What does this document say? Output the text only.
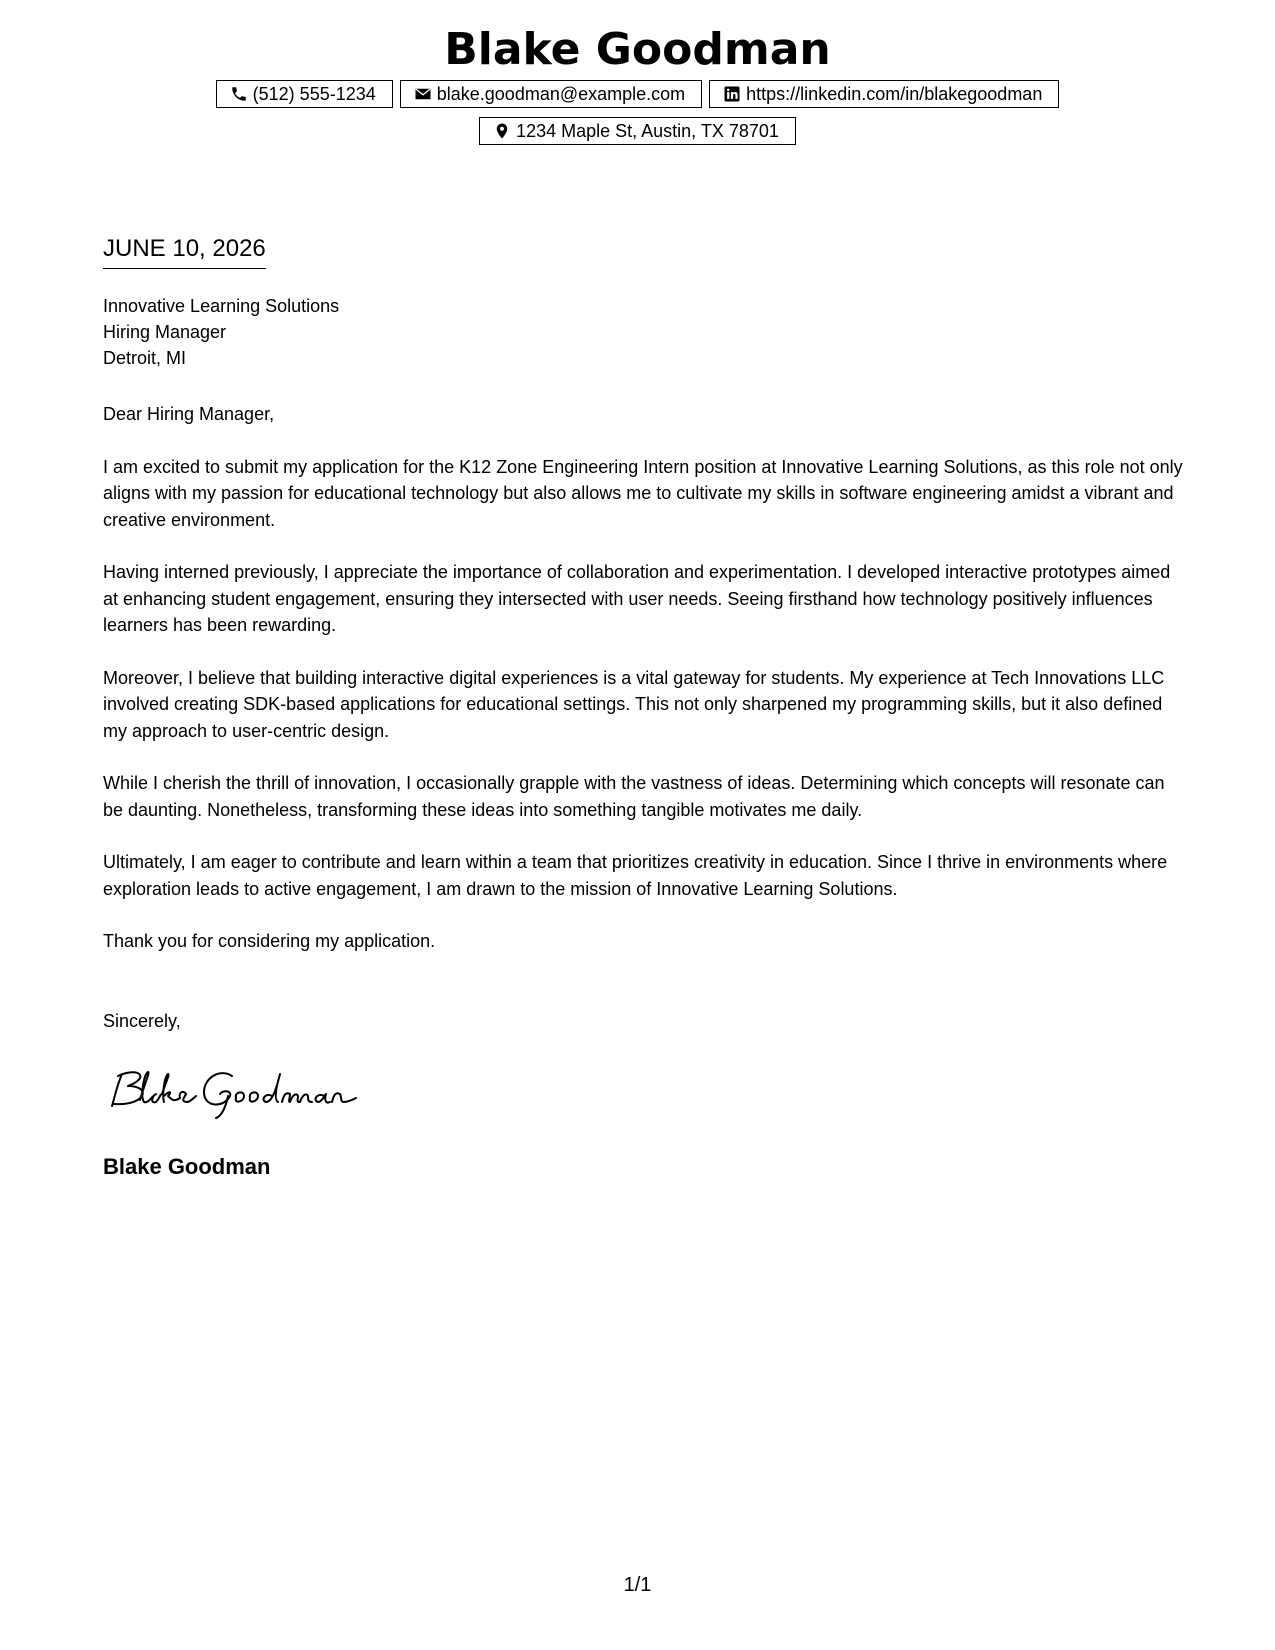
Blake Goodman
(512) 555-1234	blake.goodman@example.com	https://linkedin.com/in/blakegoodman
1234 Maple St, Austin, TX 78701
JUNE 10, 2026
Innovative Learning Solutions
Hiring Manager
Detroit, MI

Dear Hiring Manager,

I am excited to submit my application for the K12 Zone Engineering Intern position at Innovative Learning Solutions, as this role not only aligns with my passion for educational technology but also allows me to cultivate my skills in software engineering amidst a vibrant and creative environment.

Having interned previously, I appreciate the importance of collaboration and experimentation. I developed interactive prototypes aimed at enhancing student engagement, ensuring they intersected with user needs. Seeing firsthand how technology positively influences learners has been rewarding.

Moreover, I believe that building interactive digital experiences is a vital gateway for students. My experience at Tech Innovations LLC involved creating SDK-based applications for educational settings. This not only sharpened my programming skills, but it also defined my approach to user-centric design.

While I cherish the thrill of innovation, I occasionally grapple with the vastness of ideas. Determining which concepts will resonate can be daunting. Nonetheless, transforming these ideas into something tangible motivates me daily.

Ultimately, I am eager to contribute and learn within a team that prioritizes creativity in education. Since I thrive in environments where exploration leads to active engagement, I am drawn to the mission of Innovative Learning Solutions.

Thank you for considering my application.

Sincerely,
Blake Goodman
1/1
